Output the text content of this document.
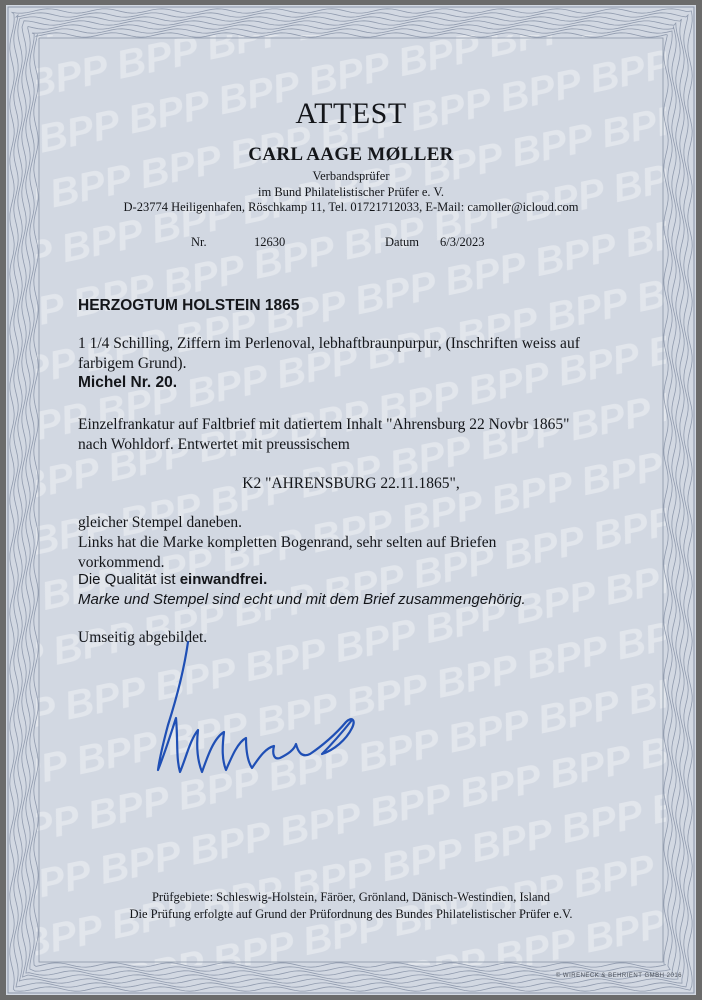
ATTEST
CARL AAGE MØLLER
Verbandsprüfer
im Bund Philatelistischer Prüfer e. V.
D-23774 Heiligenhafen, Röschkamp 11, Tel. 01721712033, E-Mail: camoller@icloud.com
Nr.	12630	Datum 6/3/2023
HERZOGTUM HOLSTEIN 1865
1 1/4 Schilling, Ziffern im Perlenoval, lebhaftbraunpurpur, (Inschriften weiss auf
farbigem Grund).
Michel Nr. 20.
Einzelfrankatur auf Faltbrief mit datiertem Inhalt "Ahrensburg 22 Novbr 1865"
nach Wohldorf. Entwertet mit preussischem
K2 "AHRENSBURG 22.11.1865",
gleicher Stempel daneben.
Links hat die Marke kompletten Bogenrand, sehr selten auf Briefen
vorkommend.
Die Qualität ist einwandfrei.
Marke und Stempel sind echt und mit dem Brief zusammengehörig.
Umseitig abgebildet.
Prüfgebiete: Schleswig-Holstein, Färöer, Grönland, Dänisch-Westindien, Island
Die Prüfung erfolgte auf Grund der Prüfordnung des Bundes Philatelistischer Prüfer e.V.
© WIRENECK & BEHRIENT GMBH 2016
